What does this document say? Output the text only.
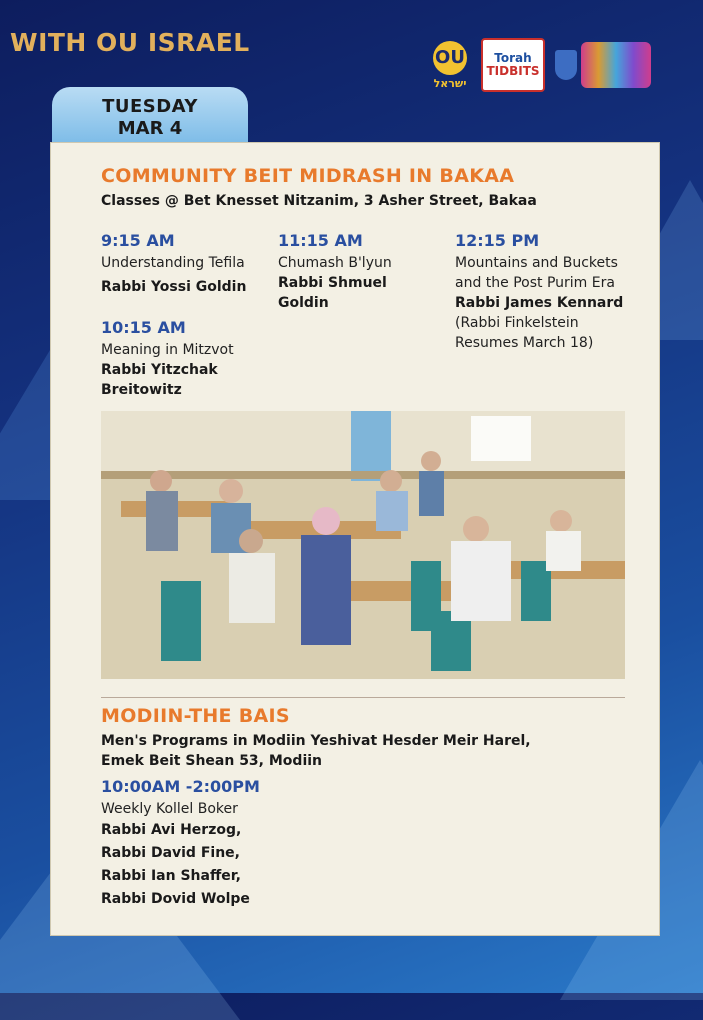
WITH OU ISRAEL
OU
ישראל
Torah
TIDBITS
TUESDAY
MAR 4
COMMUNITY BEIT MIDRASH IN BAKAA
Classes @ Bet Knesset Nitzanim, 3 Asher Street, Bakaa
9:15 AM
Understanding Tefila
Rabbi Yossi Goldin
10:15 AM
Meaning in Mitzvot
Rabbi Yitzchak Breitowitz
11:15 AM
Chumash B'lyun
Rabbi Shmuel Goldin
12:15 PM
Mountains and Buckets and the Post Purim Era
Rabbi James Kennard
(Rabbi Finkelstein Resumes March 18)
MODIIN-THE BAIS
Men's Programs in Modiin Yeshivat Hesder Meir Harel, Emek Beit Shean 53, Modiin
10:00AM -2:00PM
Weekly Kollel Boker
Rabbi Avi Herzog,
Rabbi David Fine,
Rabbi Ian Shaffer,
Rabbi Dovid Wolpe
